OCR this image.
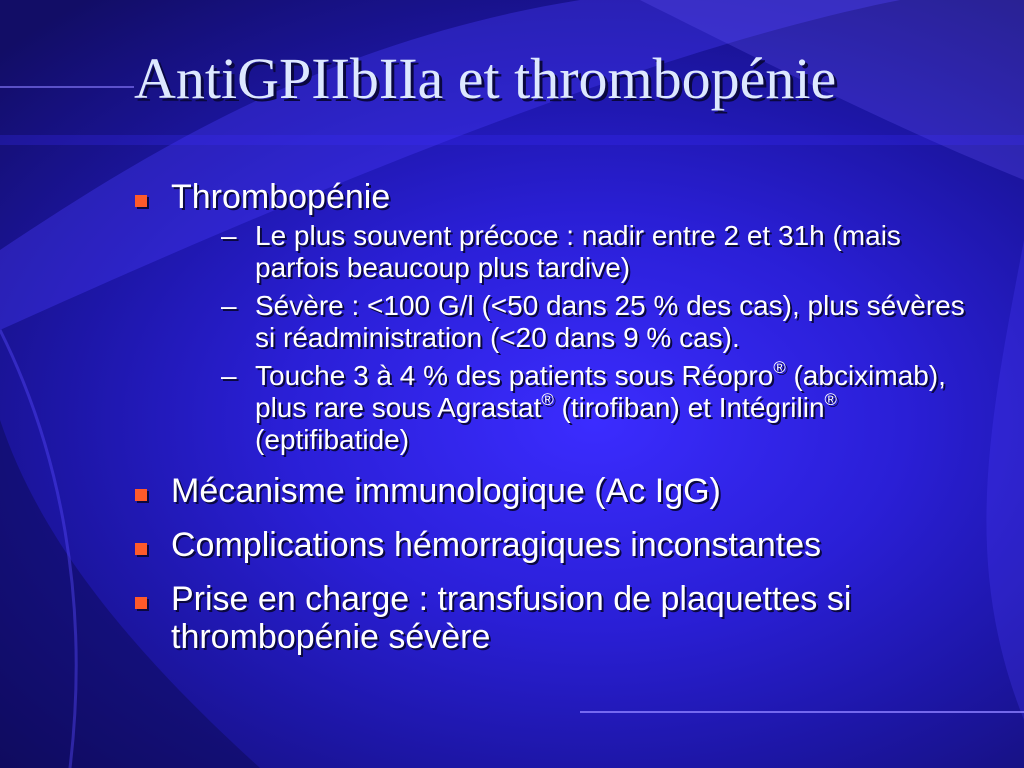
AntiGPIIbIIa et thrombopénie
Thrombopénie
– Le plus souvent précoce : nadir entre 2 et 31h (mais parfois beaucoup plus tardive)
– Sévère : <100 G/l (<50 dans 25 % des cas), plus sévères si réadministration (<20 dans 9 % cas).
– Touche 3 à 4 % des patients sous Réopro® (abciximab), plus rare sous Agrastat® (tirofiban) et Intégrilin® (eptifibatide)
Mécanisme immunologique (Ac IgG)
Complications hémorragiques inconstantes
Prise en charge : transfusion de plaquettes si thrombopénie sévère
